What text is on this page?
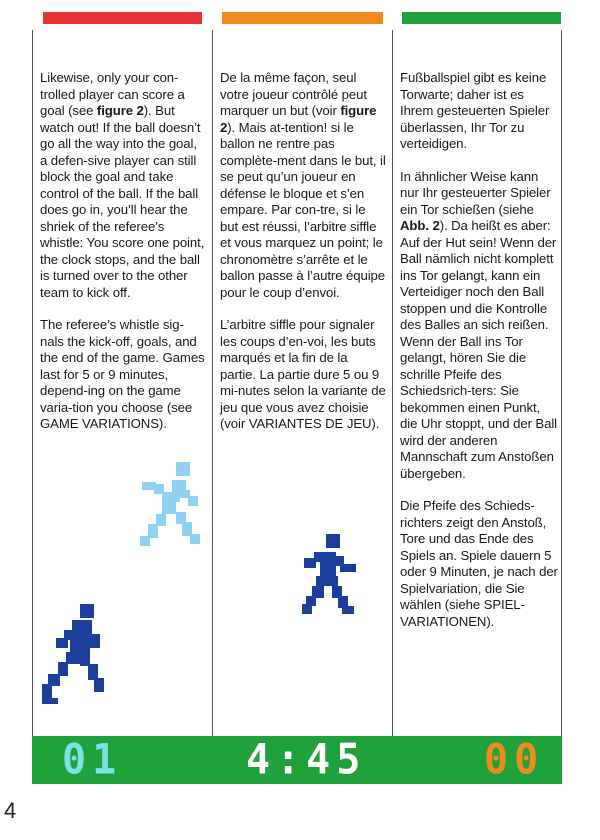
Likewise, only your con-trolled player can score a goal (see figure 2). But watch out! If the ball doesn’t go all the way into the goal, a defen-sive player can still block the goal and take control of the ball. If the ball does go in, you’ll hear the shriek of the referee’s whistle: You score one point, the clock stops, and the ball is turned over to the other team to kick off.

The referee’s whistle sig-nals the kick-off, goals, and the end of the game. Games last for 5 or 9 minutes, depend-ing on the game varia-tion you choose (see GAME VARIATIONS).

De la même façon, seul votre joueur contrôlé peut marquer un but (voir figure 2). Mais at-tention! si le ballon ne rentre pas complète-ment dans le but, il se peut qu’un joueur en défense le bloque et s’en empare. Par con-tre, si le but est réussi, l’arbitre siffle et vous marquez un point; le chronomètre s’arrête et le ballon passe à l’autre équipe pour le coup d’envoi.

L’arbitre siffle pour signaler les coups d’en-voi, les buts marqués et la fin de la partie. La partie dure 5 ou 9 mi-nutes selon la variante de jeu que vous avez choisie (voir VARIANTES DE JEU).

Fußballspiel gibt es keine Torwarte; daher ist es Ihrem gesteuerten Spieler überlassen, Ihr Tor zu verteidigen.

In ähnlicher Weise kann nur Ihr gesteuerter Spieler ein Tor schießen (siehe Abb. 2). Da heißt es aber: Auf der Hut sein! Wenn der Ball nämlich nicht komplett ins Tor gelangt, kann ein Verteidiger noch den Ball stoppen und die Kontrolle des Balles an sich reißen. Wenn der Ball ins Tor gelangt, hören Sie die schrille Pfeife des Schiedsrich-ters: Sie bekommen einen Punkt, die Uhr stoppt, und der Ball wird der anderen Mannschaft zum Anstoßen übergeben.

Die Pfeife des Schieds-richters zeigt den Anstoß, Tore und das Ende des Spiels an. Spiele dauern 5 oder 9 Minuten, je nach der Spielvariation, die Sie wählen (siehe SPIEL-VARIATIONEN).

01	4:45	00
4
